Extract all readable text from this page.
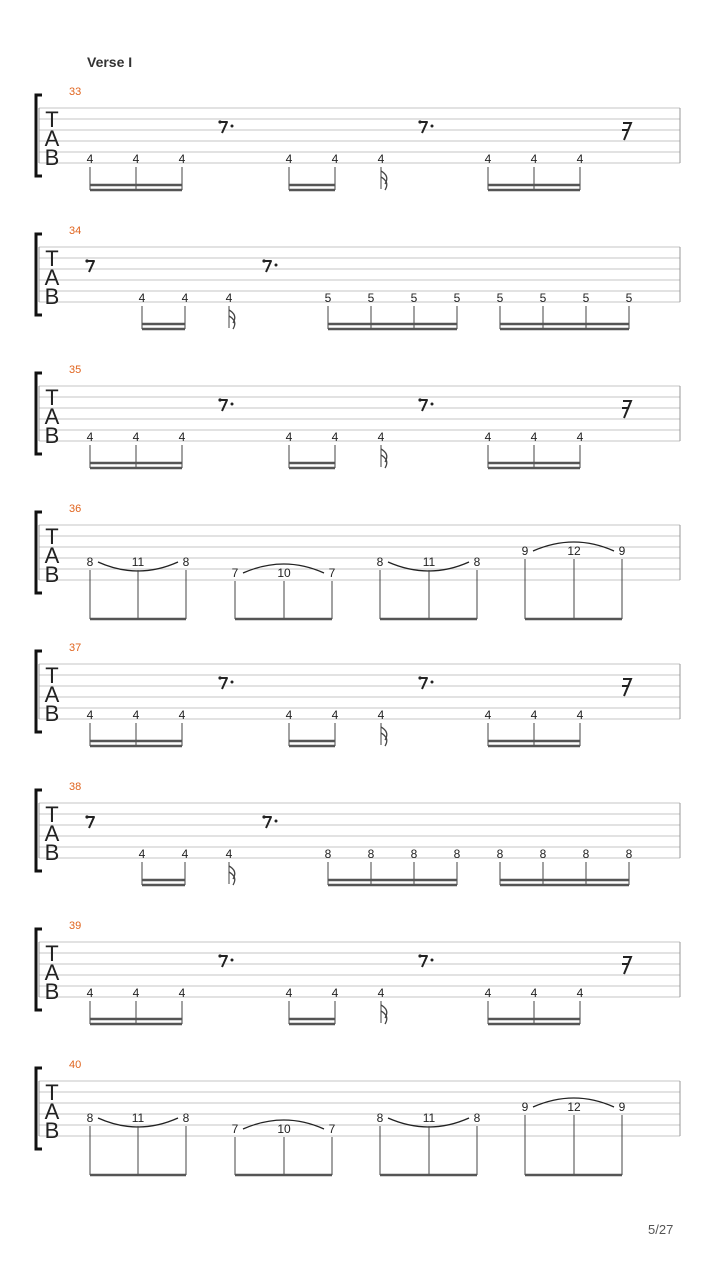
Verse I
T
A
B
33
4	4	4	4	4	4	4	4	4
T
A
B
34
4	4	4	5	5	5	5	5	5	5	5
T
A
B
35
4	4	4	4	4	4	4	4	4
T
A
B
36
8	11	8
7	10	7
8	11	8
9	12	9
T
A
B
37
4	4	4	4	4	4	4	4	4
T
A
B
38
4	4	4	8	8	8	8	8	8	8	8
T
A
B
39
4	4	4	4	4	4	4	4	4
T
A
B
40
8	11	8
7	10	7
8	11	8
9	12	9
5/27
